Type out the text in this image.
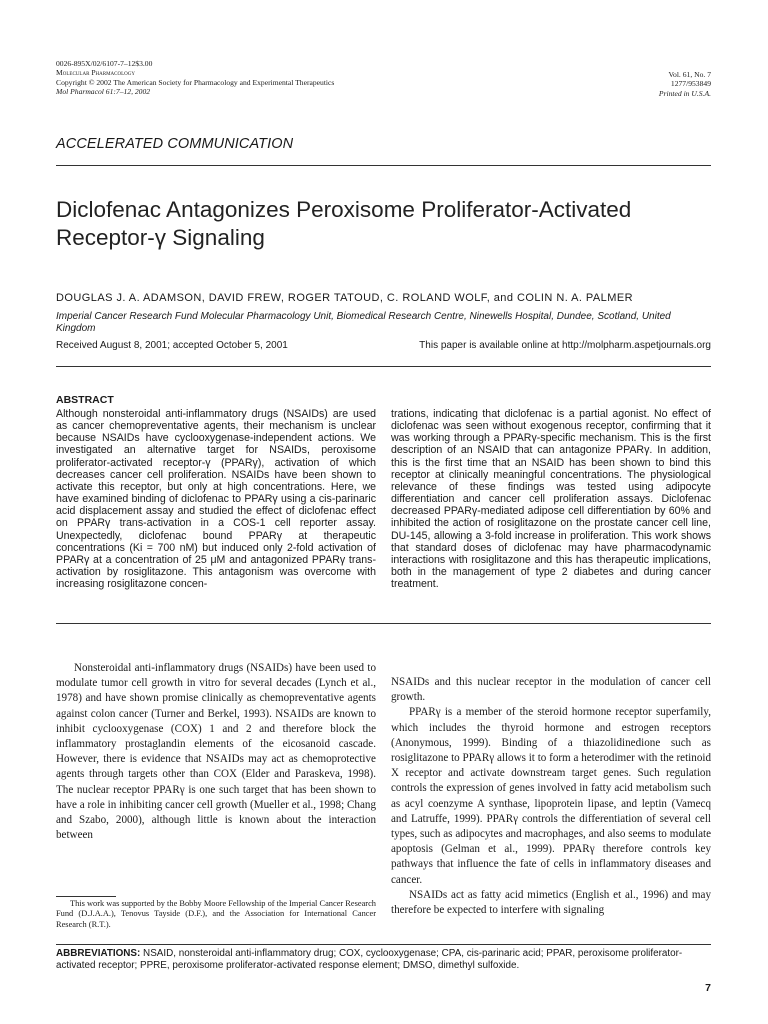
0026-895X/02/6107-7–12$3.00
Molecular Pharmacology
Copyright © 2002 The American Society for Pharmacology and Experimental Therapeutics
Mol Pharmacol 61:7–12, 2002
Vol. 61, No. 7
1277/953849
Printed in U.S.A.
ACCELERATED COMMUNICATION
Diclofenac Antagonizes Peroxisome Proliferator-Activated
Receptor-γ Signaling
DOUGLAS J. A. ADAMSON, DAVID FREW, ROGER TATOUD, C. ROLAND WOLF, and COLIN N. A. PALMER
Imperial Cancer Research Fund Molecular Pharmacology Unit, Biomedical Research Centre, Ninewells Hospital, Dundee, Scotland, United Kingdom
Received August 8, 2001; accepted October 5, 2001	This paper is available online at http://molpharm.aspetjournals.org
ABSTRACT

Although nonsteroidal anti-inflammatory drugs (NSAIDs) are used as cancer chemopreventative agents, their mechanism is unclear because NSAIDs have cyclooxygenase-independent actions. We investigated an alternative target for NSAIDs, peroxisome proliferator-activated receptor-γ (PPARγ), activation of which decreases cancer cell proliferation. NSAIDs have been shown to activate this receptor, but only at high concentrations. Here, we have examined binding of diclofenac to PPARγ using a cis-parinaric acid displacement assay and studied the effect of diclofenac effect on PPARγ trans-activation in a COS-1 cell reporter assay. Unexpectedly, diclofenac bound PPARγ at therapeutic concentrations (Ki = 700 nM) but induced only 2-fold activation of PPARγ at a concentration of 25 μM and antagonized PPARγ trans-activation by rosiglitazone. This antagonism was overcome with increasing rosiglitazone concen-

trations, indicating that diclofenac is a partial agonist. No effect of diclofenac was seen without exogenous receptor, confirming that it was working through a PPARγ-specific mechanism. This is the first description of an NSAID that can antagonize PPARγ. In addition, this is the first time that an NSAID has been shown to bind this receptor at clinically meaningful concentrations. The physiological relevance of these findings was tested using adipocyte differentiation and cancer cell proliferation assays. Diclofenac decreased PPARγ-mediated adipose cell differentiation by 60% and inhibited the action of rosiglitazone on the prostate cancer cell line, DU-145, allowing a 3-fold increase in proliferation. This work shows that standard doses of diclofenac may have pharmacodynamic interactions with rosiglitazone and this has therapeutic implications, both in the management of type 2 diabetes and during cancer treatment.

Nonsteroidal anti-inflammatory drugs (NSAIDs) have been used to modulate tumor cell growth in vitro for several decades (Lynch et al., 1978) and have shown promise clinically as chemopreventative agents against colon cancer (Turner and Berkel, 1993). NSAIDs are known to inhibit cyclooxygenase (COX) 1 and 2 and therefore block the inflammatory prostaglandin elements of the eicosanoid cascade. However, there is evidence that NSAIDs may act as chemoprotective agents through targets other than COX (Elder and Paraskeva, 1998). The nuclear receptor PPARγ is one such target that has been shown to have a role in inhibiting cancer cell growth (Mueller et al., 1998; Chang and Szabo, 2000), although little is known about the interaction between

NSAIDs and this nuclear receptor in the modulation of cancer cell growth.

PPARγ is a member of the steroid hormone receptor superfamily, which includes the thyroid hormone and estrogen receptors (Anonymous, 1999). Binding of a thiazolidinedione such as rosiglitazone to PPARγ allows it to form a heterodimer with the retinoid X receptor and activate downstream target genes. Such regulation controls the expression of genes involved in fatty acid metabolism such as acyl coenzyme A synthase, lipoprotein lipase, and leptin (Vamecq and Latruffe, 1999). PPARγ controls the differentiation of several cell types, such as adipocytes and macrophages, and also seems to modulate apoptosis (Gelman et al., 1999). PPARγ therefore controls key pathways that influence the fate of cells in inflammatory diseases and cancer.

NSAIDs act as fatty acid mimetics (English et al., 1996) and may therefore be expected to interfere with signaling

This work was supported by the Bobby Moore Fellowship of the Imperial Cancer Research Fund (D.J.A.A.), Tenovus Tayside (D.F.), and the Association for International Cancer Research (R.T.).
ABBREVIATIONS: NSAID, nonsteroidal anti-inflammatory drug; COX, cyclooxygenase; CPA, cis-parinaric acid; PPAR, peroxisome proliferator-activated receptor; PPRE, peroxisome proliferator-activated response element; DMSO, dimethyl sulfoxide.
7
